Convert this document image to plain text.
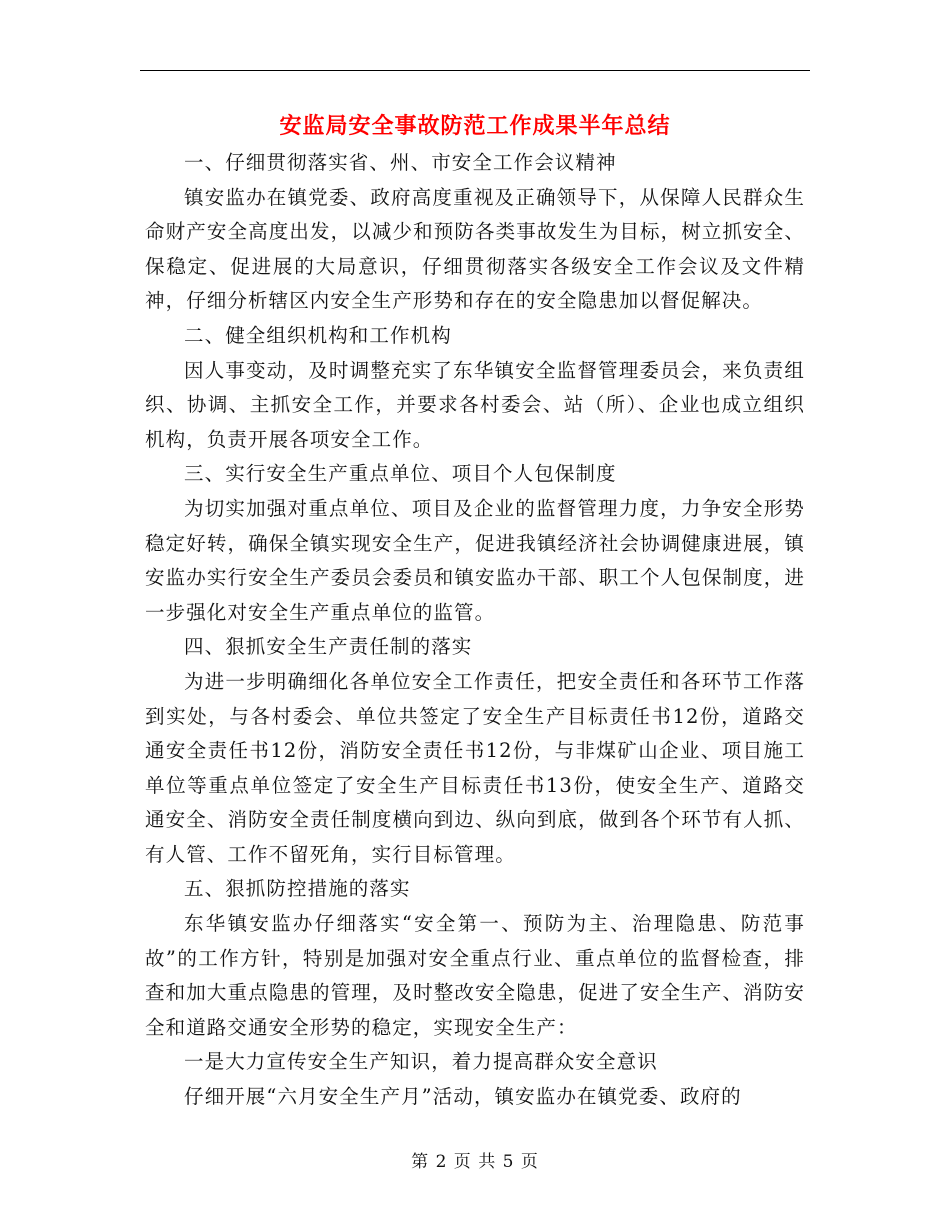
安监局安全事故防范工作成果半年总结

一、仔细贯彻落实省、州、市安全工作会议精神

镇安监办在镇党委、政府高度重视及正确领导下，从保障人民群众生命财产安全高度出发，以减少和预防各类事故发生为目标，树立抓安全、保稳定、促进展的大局意识，仔细贯彻落实各级安全工作会议及文件精神，仔细分析辖区内安全生产形势和存在的安全隐患加以督促解决。

二、健全组织机构和工作机构

因人事变动，及时调整充实了东华镇安全监督管理委员会，来负责组织、协调、主抓安全工作，并要求各村委会、站（所）、企业也成立组织机构，负责开展各项安全工作。

三、实行安全生产重点单位、项目个人包保制度

为切实加强对重点单位、项目及企业的监督管理力度，力争安全形势稳定好转，确保全镇实现安全生产，促进我镇经济社会协调健康进展，镇安监办实行安全生产委员会委员和镇安监办干部、职工个人包保制度，进一步强化对安全生产重点单位的监管。

四、狠抓安全生产责任制的落实

为进一步明确细化各单位安全工作责任，把安全责任和各环节工作落到实处，与各村委会、单位共签定了安全生产目标责任书12份，道路交通安全责任书12份，消防安全责任书12份，与非煤矿山企业、项目施工单位等重点单位签定了安全生产目标责任书13份，使安全生产、道路交通安全、消防安全责任制度横向到边、纵向到底，做到各个环节有人抓、有人管、工作不留死角，实行目标管理。

五、狠抓防控措施的落实

东华镇安监办仔细落实“安全第一、预防为主、治理隐患、防范事故”的工作方针，特别是加强对安全重点行业、重点单位的监督检查，排查和加大重点隐患的管理，及时整改安全隐患，促进了安全生产、消防安全和道路交通安全形势的稳定，实现安全生产：

一是大力宣传安全生产知识，着力提高群众安全意识

仔细开展“六月安全生产月”活动，镇安监办在镇党委、政府的

第 2 页 共 5 页
